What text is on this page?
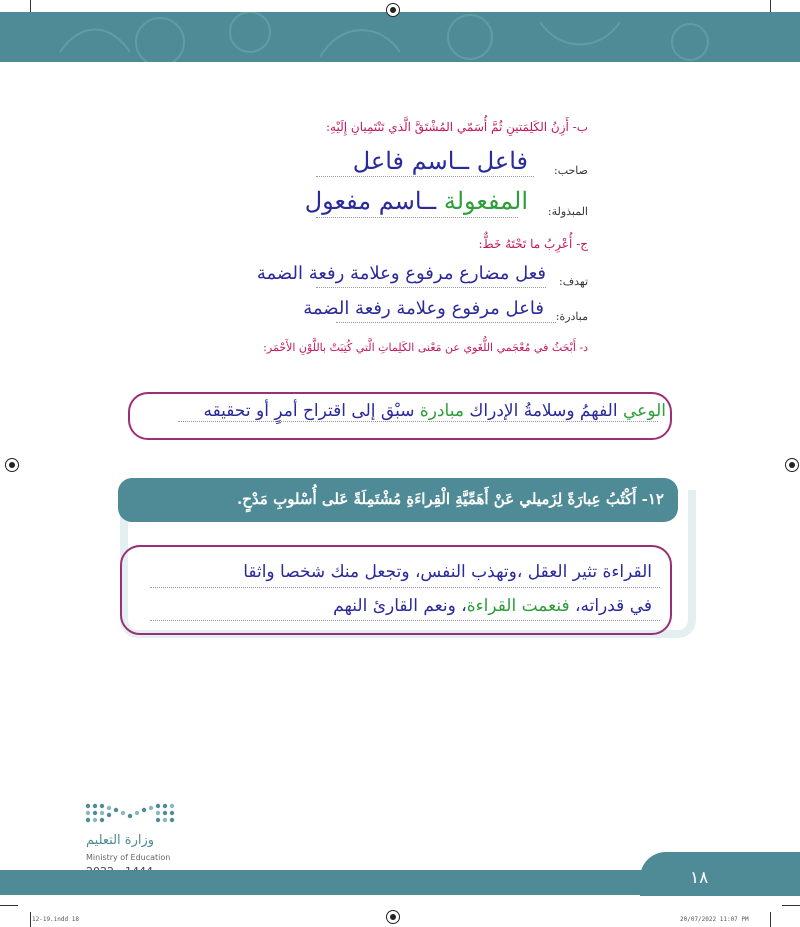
ب- أَزِنُ الكَلِمَتينِ ثُمَّ أُسَمّي المُشْتَقَّ الَّذي تَنْتَمِيانِ إِلَيْهِ:
صاحب:
فاعل ــاسم فاعل
المبذولة:
المفعولة ــاسم مفعول
ج- أُعْرِبُ ما تَحْتَهُ خَطٌّ:
تهدف:
فعل مضارع مرفوع وعلامة رفعة الضمة
مبادرة:
فاعل مرفوع وعلامة رفعة الضمة
د- أَبْحَثُ في مُعْجَمي اللُّغَوي عن مَعْنى الكَلِماتِ الَّتي كُتِبَتْ باللَّوْنِ الأَحْمَر:
الوعي الفهمُ وسلامةُ الإدراك مبادرة سبْق إلى اقتراح أمرٍ أو تحقيقه
١٢- أَكْتُبُ عِبارَةً لِزَميلي عَنْ أَهَمِّيَّةِ الْقِراءَةِ مُشْتَمِلَةً عَلى أُسْلوبِ مَدْحٍ.
القراءة تثير العقل ،وتهذب النفس، وتجعل منك شخصا واثقا
في قدراته، فنعمت القراءة، ونعم القارئ النهم
وزارة التعليم
Ministry of Education
١٨
12-19.indd 18	20/07/2022 11:07 PM
